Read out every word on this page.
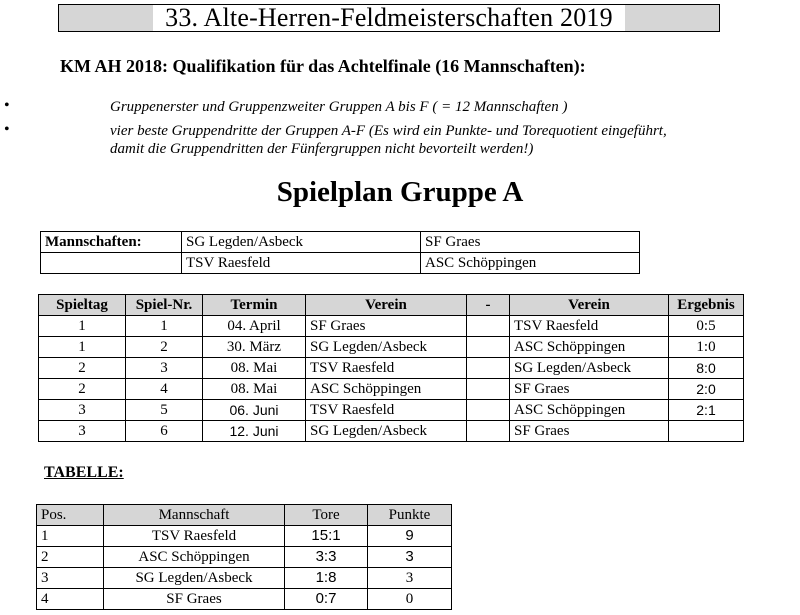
33. Alte-Herren-Feldmeisterschaften 2019
KM AH 2018: Qualifikation für das Achtelfinale (16 Mannschaften):
•	Gruppenerster und Gruppenzweiter Gruppen A bis F ( = 12 Mannschaften )
•	vier beste Gruppendritte der Gruppen A-F (Es wird ein Punkte- und Torequotient eingeführt,
damit die Gruppendritten der Fünfergruppen nicht bevorteilt werden!)
Spielplan Gruppe A
Mannschaften:	SG Legden/Asbeck	SF Graes
	TSV Raesfeld	ASC Schöppingen
Spieltag	Spiel-Nr.	Termin	Verein	-	Verein	Ergebnis
1	1	04. April	SF Graes		TSV Raesfeld	0:5
1	2	30. März	SG Legden/Asbeck		ASC Schöppingen	1:0
2	3	08. Mai	TSV Raesfeld		SG Legden/Asbeck	8:0
2	4	08. Mai	ASC Schöppingen		SF Graes	2:0
3	5	06. Juni	TSV Raesfeld		ASC Schöppingen	2:1
3	6	12. Juni	SG Legden/Asbeck		SF Graes	
TABELLE:
Pos.	Mannschaft	Tore	Punkte
1	TSV Raesfeld	15:1	9
2	ASC Schöppingen	3:3	3
3	SG Legden/Asbeck	1:8	3
4	SF Graes	0:7	0
